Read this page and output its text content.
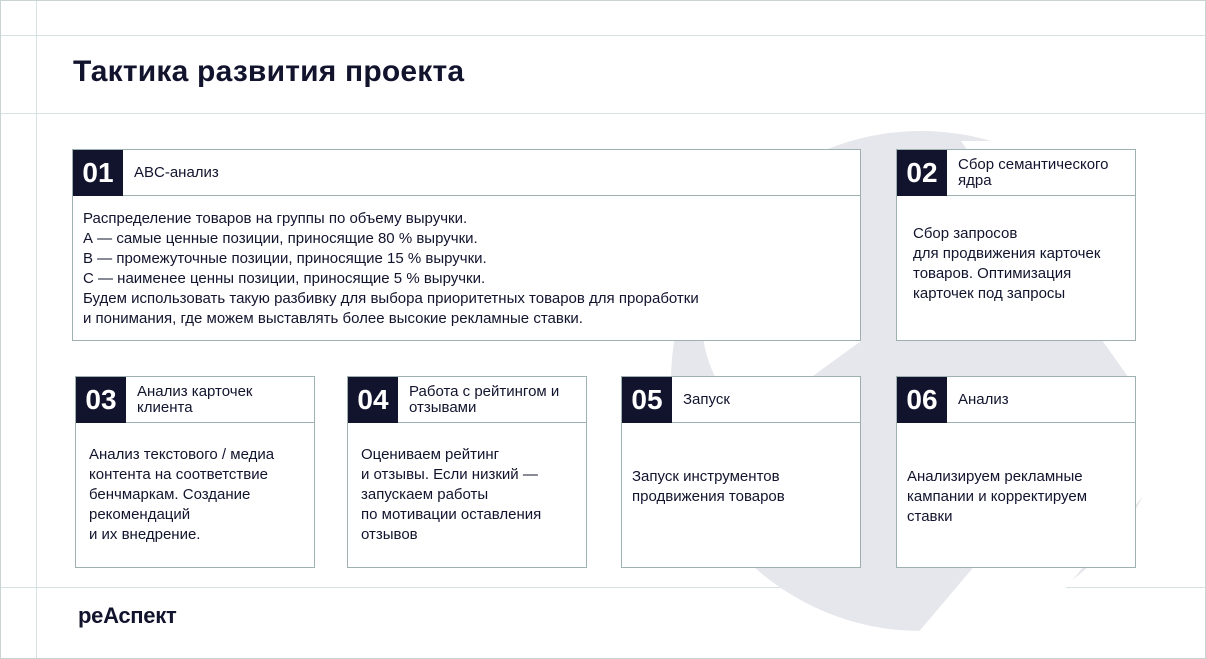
Тактика развития проекта
01	ABC-анализ
Распределение товаров на группы по объему выручки.
А — самые ценные позиции, приносящие 80 % выручки.
В — промежуточные позиции, приносящие 15 % выручки.
С — наименее ценны позиции, приносящие 5 % выручки.
Будем использовать такую разбивку для выбора приоритетных товаров для проработки
и понимания, где можем выставлять более высокие рекламные ставки.
02	Сбор семантического ядра
Сбор запросов
для продвижения карточек
товаров. Оптимизация
карточек под запросы
03	Анализ карточек клиента
Анализ текстового / медиа
контента на соответствие
бенчмаркам. Создание
рекомендаций
и их внедрение.
04	Работа с рейтингом и отзывами
Оцениваем рейтинг
и отзывы. Если низкий —
запускаем работы
по мотивации оставления
отзывов
05	Запуск
Запуск инструментов
продвижения товаров
06	Анализ
Анализируем рекламные
кампании и корректируем
ставки
реАспект
